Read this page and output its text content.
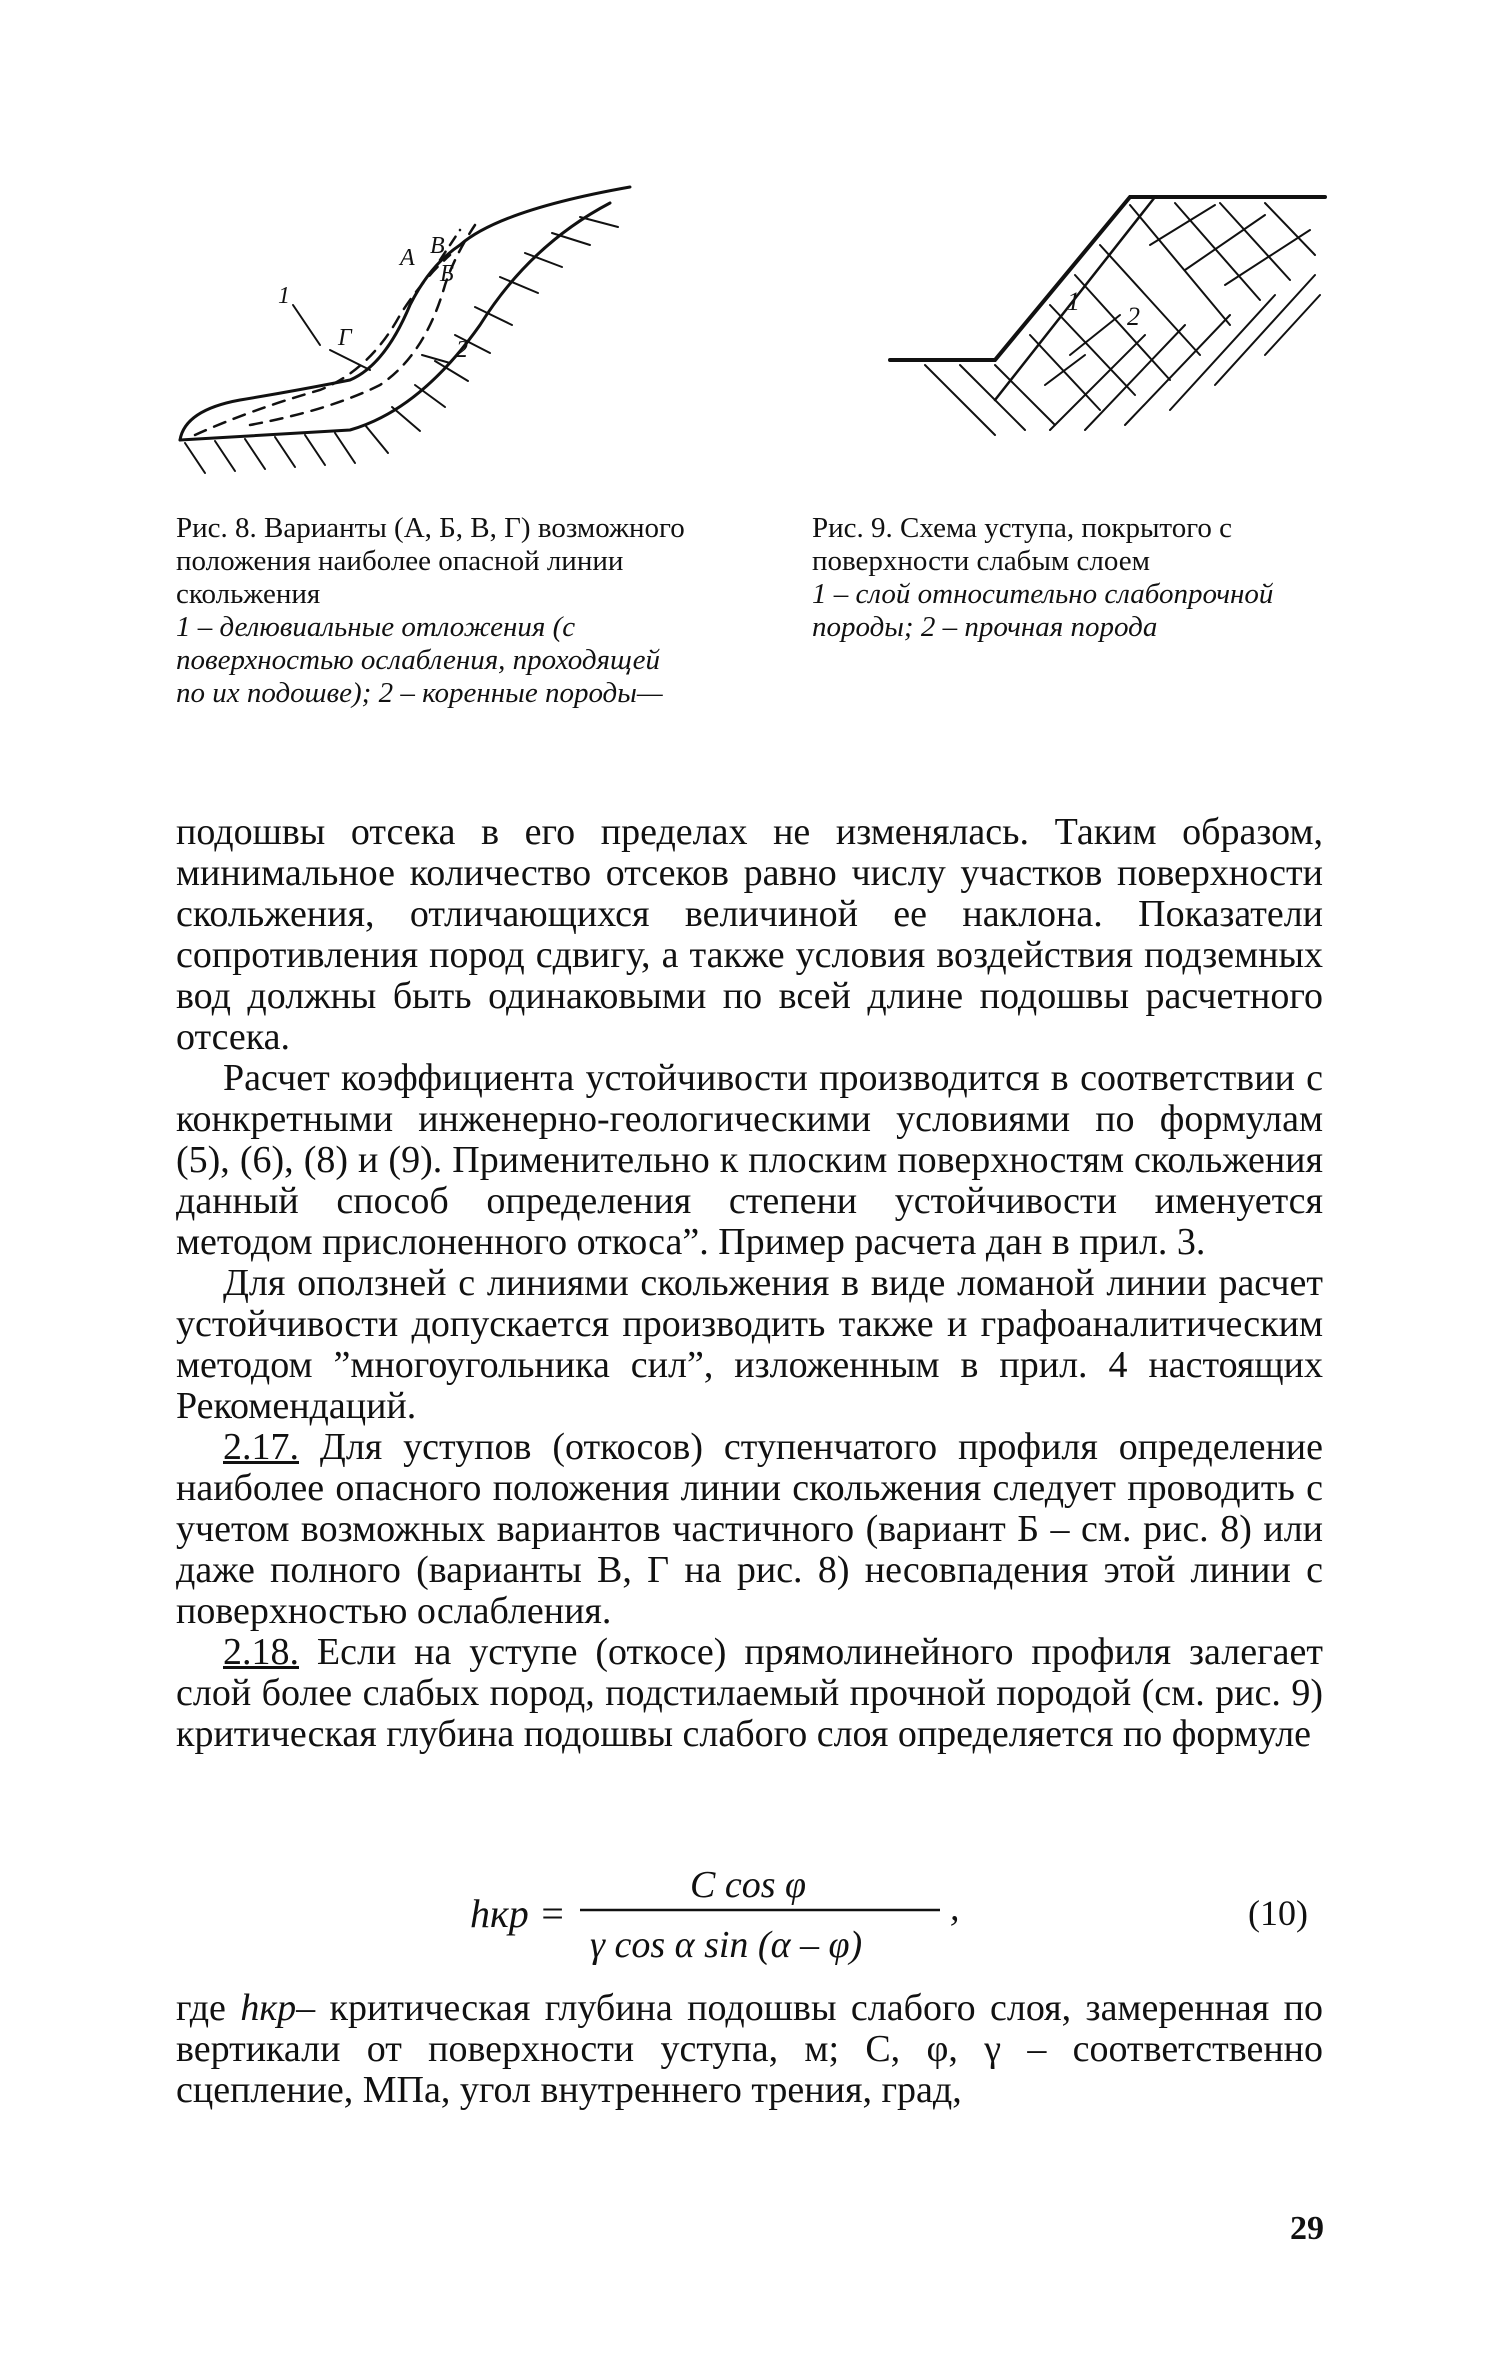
А В
Б
Г
1
2
Рис. 8. Варианты (А, Б, В, Г) возможного положения наиболее опасной линии скольжения
1 – делювиальные отложения (с поверхностью ослабления, проходящей по их подошве); 2 – коренные породы—
1
2
Рис. 9. Схема уступа, покрытого с поверхности слабым слоем
1 – слой относительно слабопрочной породы; 2 – прочная порода

подошвы отсека в его пределах не изменялась. Таким образом, минимальное количество отсеков равно числу участков поверхности скольжения, отличающихся величиной ее наклона. Показатели сопротивления пород сдвигу, а также условия воздействия подземных вод должны быть одинаковыми по всей длине подошвы расчетного отсека.

Расчет коэффициента устойчивости производится в соответствии с конкретными инженерно-геологическими условиями по формулам (5), (6), (8) и (9). Применительно к плоским поверхностям скольжения данный способ определения степени устойчивости именуется методом прислоненного откоса”. Пример расчета дан в прил. 3.

Для оползней с линиями скольжения в виде ломаной линии расчет устойчивости допускается производить также и графоаналитическим методом ”многоугольника сил”, изложенным в прил. 4 настоящих Рекомендаций.

2.17. Для уступов (откосов) ступенчатого профиля определение наиболее опасного положения линии скольжения следует проводить с учетом возможных вариантов частичного (вариант Б – см. рис. 8) или даже полного (варианты В, Г на рис. 8) несовпадения этой линии с поверхностью ослабления.

2.18. Если на уступе (откосе) прямолинейного профиля залегает слой более слабых пород, подстилаемый прочной породой (см. рис. 9) критическая глубина подошвы слабого слоя определяется по формуле

hкр =
C cos φ
γ cos α sin (α – φ)
,	(10)

где hкр– критическая глубина подошвы слабого слоя, замеренная по вертикали от поверхности уступа, м; C, φ, γ – соответственно сцепление, МПа, угол внутреннего трения, град,

29
